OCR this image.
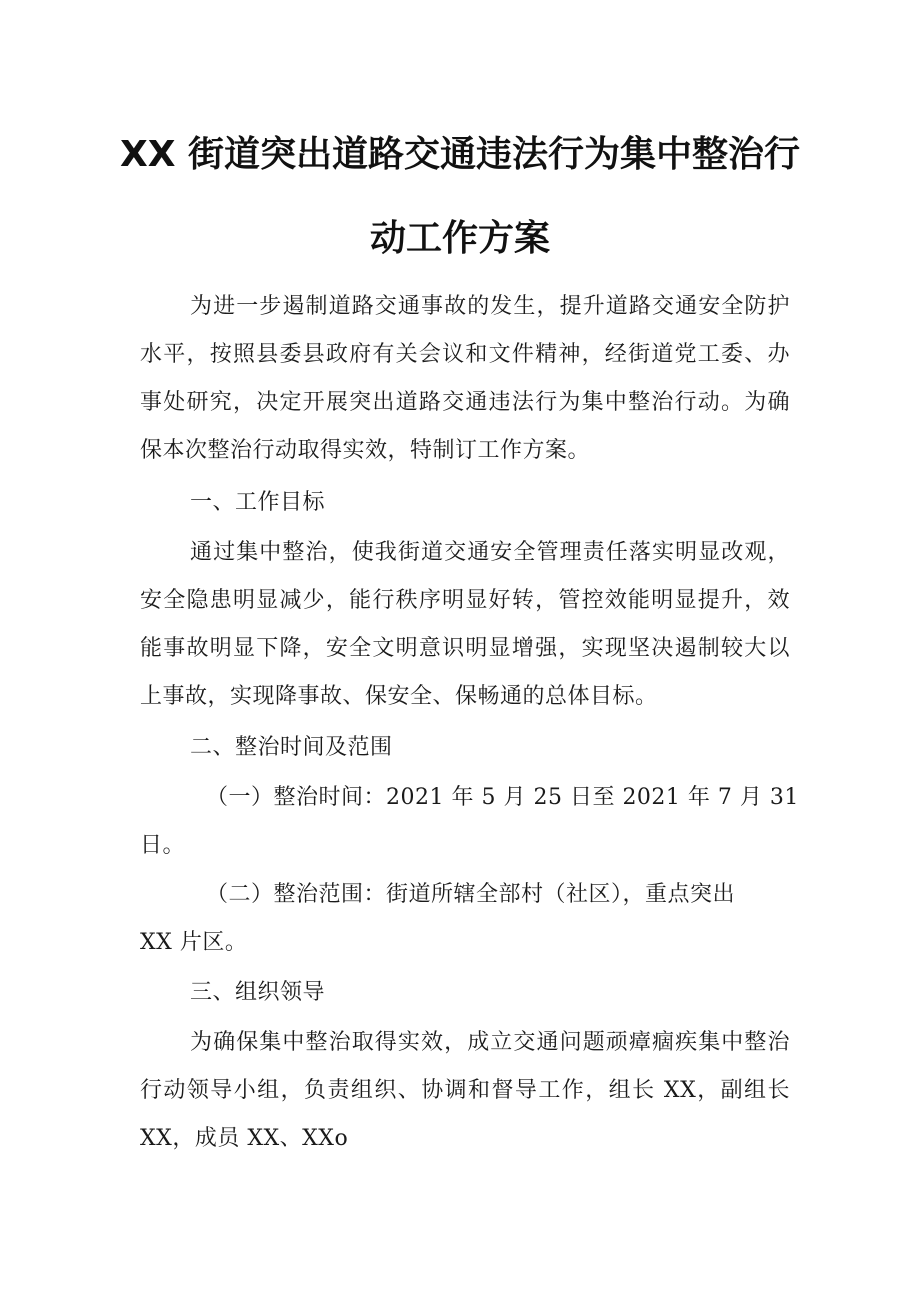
XX 街道突出道路交通违法行为集中整治行
动工作方案
为进一步遏制道路交通事故的发生，提升道路交通安全防护
水平，按照县委县政府有关会议和文件精神，经街道党工委、办
事处研究，决定开展突出道路交通违法行为集中整治行动。为确
保本次整治行动取得实效，特制订工作方案。
一、工作目标
通过集中整治，使我街道交通安全管理责任落实明显改观，
安全隐患明显减少，能行秩序明显好转，管控效能明显提升，效
能事故明显下降，安全文明意识明显增强，实现坚决遏制较大以
上事故，实现降事故、保安全、保畅通的总体目标。
二、整治时间及范围
（一）整治时间：2021 年 5 月 25 日至 2021 年 7 月 31
日。
（二）整治范围：街道所辖全部村（社区），重点突出
XX 片区。
三、组织领导
为确保集中整治取得实效，成立交通问题顽瘴痼疾集中整治
行动领导小组，负责组织、协调和督导工作，组长 XX，副组长
XX，成员 XX、XXo
